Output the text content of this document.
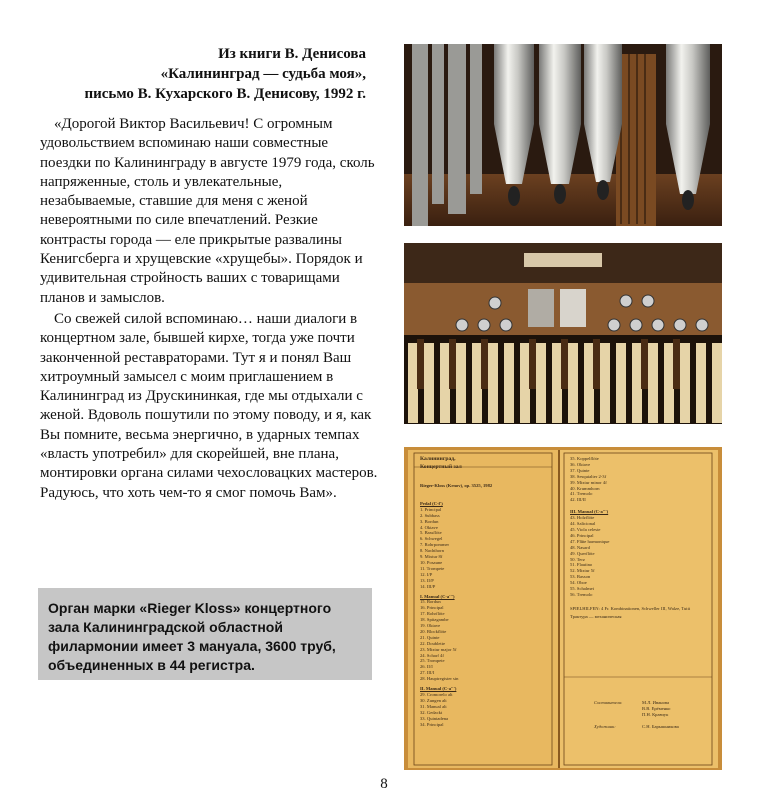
Из книги В. Денисова
«Калининград — судьба моя»,
письмо В. Кухарского В. Денисову, 1992 г.

«Дорогой Виктор Васильевич! С огромным удовольствием вспоминаю наши совместные поездки по Калининграду в августе 1979 года, сколь напряженные, столь и увлекательные, незабываемые, ставшие для меня с женой невероятными по силе впечатлений. Резкие контрасты города — еле прикрытые развалины Кенигсберга и хрущевские «хрущебы». Порядок и удивительная стройность ваших с товарищами планов и замыслов.

Со свежей силой вспоминаю… наши диалоги в концертном зале, бывшей кирхе, тогда уже почти законченной реставраторами. Тут я и понял Ваш хитроумный замысел с моим приглашением в Калининград из Друскининкая, где мы отдыхали с женой. Вдоволь пошутили по этому поводу, и я, как Вы помните, весьма энергично, в ударных темпах «власть употребил» для скорейшей, вне плана, монтировки органа силами чехословацких мастеров. Радуюсь, что хоть чем-то я смог помочь Вам».

Орган марки «Rieger Kloss» концертного зала Калининградской областной филармонии имеет 3 мануала, 3600 труб, объединенных в 44 регистра.
Калининград,
Концертный зал
Rieger-Kloss (Krnov), op. 3525, 1982
Pedal (C-f')
1. Principal
2. Subbass
3. Bordun
4. Oktave
5. Bassflöte
6. Schwegel
7. Rohrpommer
8. Nachthorn
9. Mixtur 8f
10. Posaune
11. Trompete
12. I/P
13. II/P
14. III/P
I. Manual (C-a''')
15. Bordun
16. Principal
17. Rohrflöte
18. Spitzgambe
19. Oktave
20. Blockflöte
21. Quinte
22. Doublette
23. Mixtur major 5f
24. Scharf 4f
25. Trompete
26. II/I
27. III/I
28. Hauptregister sin
II. Manual (C-a''')
29. Cromorelo alt
30. Zungen alt
31. Manual alt
32. Gedackt
33. Quintadena
34. Principal
35. Koppelflöte
36. Oktave
37. Quinte
38. Sesquialter 2-3f
39. Mixtur minor 4f
40. Krummhorn
41. Tremolo
42. III/II
III. Manual (C-a''')
43. Holzflöte
44. Salicional
45. Viola celeste
46. Principal
47. Flûte harmonique
48. Nasard
49. Querflöte
50. Terz
51. Flautino
52. Mixtur 5f
53. Basson
54. Oboe
55. Schalmei
56. Tremolo
SPIELHILFEN: 4 Fr. Kombinationen, Schweller III, Walze, Tutti
Трактура — механическая
Составители:	М.Л. Иванова
В.В. Ерёменко
П.Н. Кравчук
Художник:	С.Н. Барышникова
8
